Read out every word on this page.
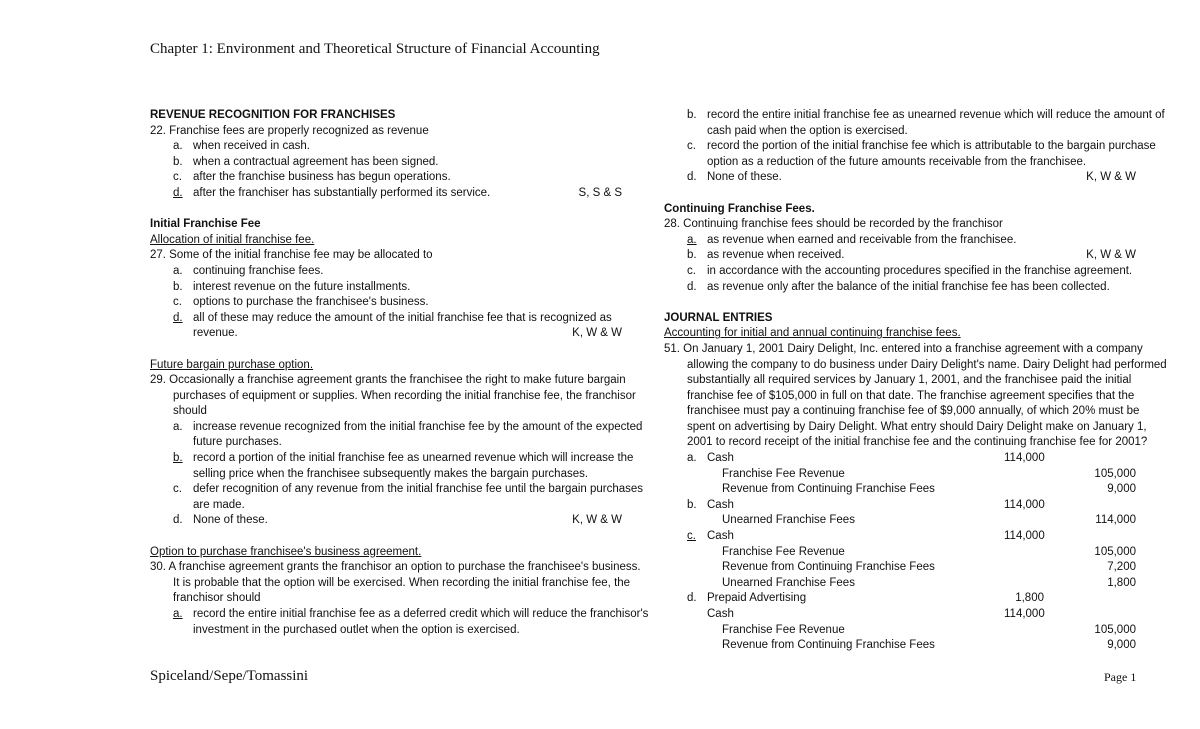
Chapter 1: Environment and Theoretical Structure of Financial Accounting
REVENUE RECOGNITION FOR FRANCHISES
22. Franchise fees are properly recognized as revenue
a. when received in cash.
b. when a contractual agreement has been signed.
c. after the franchise business has begun operations.
d. after the franchiser has substantially performed its service.	S, S & S
Initial Franchise Fee
Allocation of initial franchise fee.
27. Some of the initial franchise fee may be allocated to
a. continuing franchise fees.
b. interest revenue on the future installments.
c. options to purchase the franchisee's business.
d. all of these may reduce the amount of the initial franchise fee that is recognized as
revenue.	K, W & W
Future bargain purchase option.
29. Occasionally a franchise agreement grants the franchisee the right to make future bargain
purchases of equipment or supplies. When recording the initial franchise fee, the franchisor
should
a. increase revenue recognized from the initial franchise fee by the amount of the expected
future purchases.
b. record a portion of the initial franchise fee as unearned revenue which will increase the
selling price when the franchisee subsequently makes the bargain purchases.
c. defer recognition of any revenue from the initial franchise fee until the bargain purchases
are made.
d. None of these.	K, W & W
Option to purchase franchisee's business agreement.
30. A franchise agreement grants the franchisor an option to purchase the franchisee's business.
It is probable that the option will be exercised. When recording the initial franchise fee, the
franchisor should
a. record the entire initial franchise fee as a deferred credit which will reduce the franchisor's
investment in the purchased outlet when the option is exercised.
b. record the entire initial franchise fee as unearned revenue which will reduce the amount of
cash paid when the option is exercised.
c. record the portion of the initial franchise fee which is attributable to the bargain purchase
option as a reduction of the future amounts receivable from the franchisee.
d. None of these.	K, W & W
Continuing Franchise Fees.
28. Continuing franchise fees should be recorded by the franchisor
a. as revenue when earned and receivable from the franchisee.
b. as revenue when received.	K, W & W
c. in accordance with the accounting procedures specified in the franchise agreement.
d. as revenue only after the balance of the initial franchise fee has been collected.
JOURNAL ENTRIES
Accounting for initial and annual continuing franchise fees.
51. On January 1, 2001 Dairy Delight, Inc. entered into a franchise agreement with a company
allowing the company to do business under Dairy Delight's name. Dairy Delight had performed
substantially all required services by January 1, 2001, and the franchisee paid the initial
franchise fee of $105,000 in full on that date. The franchise agreement specifies that the
franchisee must pay a continuing franchise fee of $9,000 annually, of which 20% must be
spent on advertising by Dairy Delight. What entry should Dairy Delight make on January 1,
2001 to record receipt of the initial franchise fee and the continuing franchise fee for 2001?
a. Cash	114,000
Franchise Fee Revenue	105,000
Revenue from Continuing Franchise Fees	9,000
b. Cash	114,000
Unearned Franchise Fees	114,000
c. Cash	114,000
Franchise Fee Revenue	105,000
Revenue from Continuing Franchise Fees	7,200
Unearned Franchise Fees	1,800
d. Prepaid Advertising	1,800
Cash	114,000
Franchise Fee Revenue	105,000
Revenue from Continuing Franchise Fees	9,000
Spiceland/Sepe/Tomassini	Page 1
